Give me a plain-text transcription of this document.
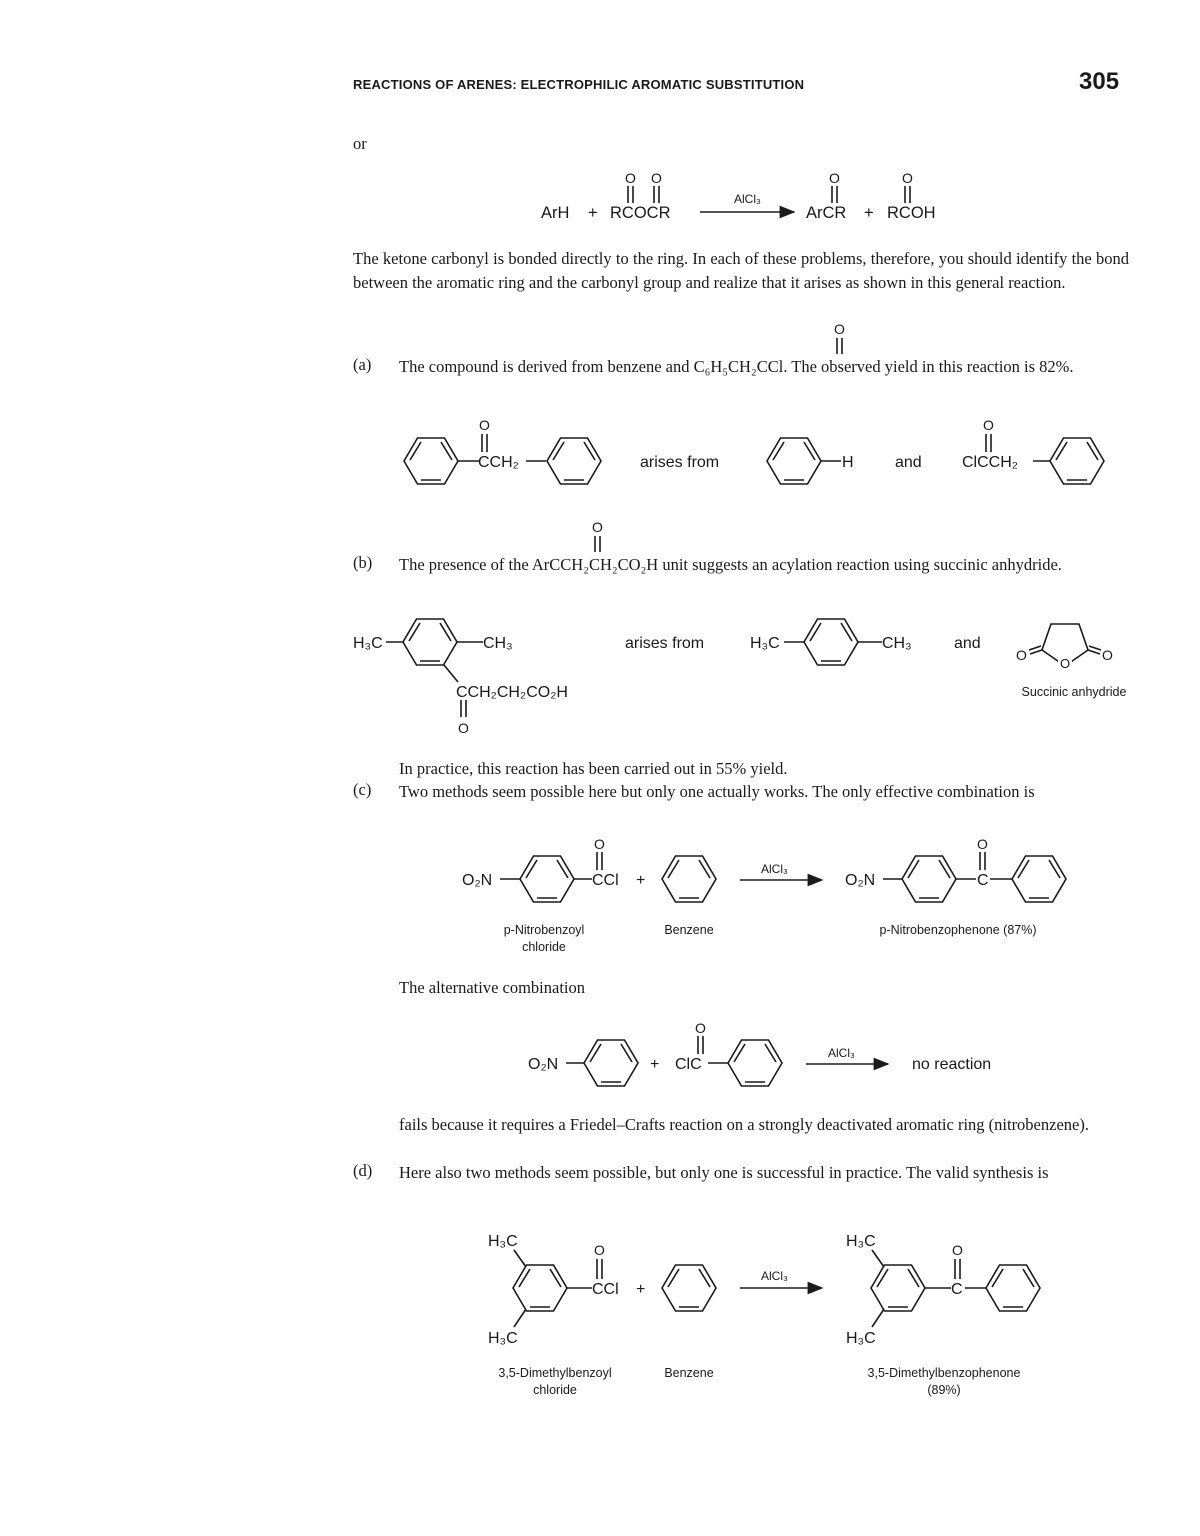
REACTIONS OF ARENES: ELECTROPHILIC AROMATIC SUBSTITUTION	305
or
ArH + RCOCR
O O
AlCl₃
ArCR
O
+ RCOH
O
O
CCH₂
O
arises from	H	and	ClCCH₂
O
O
H₃C	CH₃
CCH₂CH₂CO₂H
O
arises from	H₃C	CH₃	and
O	O
O
O₂N	CCl
O
+
AlCl₃
O₂N	C
O
O₂N	+ ClC
O
AlCl₃
no reaction
H₃C
H₃C
CCl
O
+
AlCl₃
H₃C
H₃C
C
O
The ketone carbonyl is bonded directly to the ring. In each of these problems, therefore, you should identify the bond between the aromatic ring and the carbonyl group and realize that it arises as shown in this general reaction.
(a) The compound is derived from benzene and C₆H₅CH₂CCl. The observed yield in this reaction is 82%.
(b) The presence of the ArCCH₂CH₂CO₂H unit suggests an acylation reaction using succinic anhydride.
Succinic anhydride
In practice, this reaction has been carried out in 55% yield.
(c) Two methods seem possible here but only one actually works. The only effective combination is
p-Nitrobenzoyl chloride
Benzene	p-Nitrobenzophenone (87%)
The alternative combination
fails because it requires a Friedel–Crafts reaction on a strongly deactivated aromatic ring (nitrobenzene).
(d) Here also two methods seem possible, but only one is successful in practice. The valid synthesis is
3,5-Dimethylbenzoyl chloride
Benzene	3,5-Dimethylbenzophenone (89%)
